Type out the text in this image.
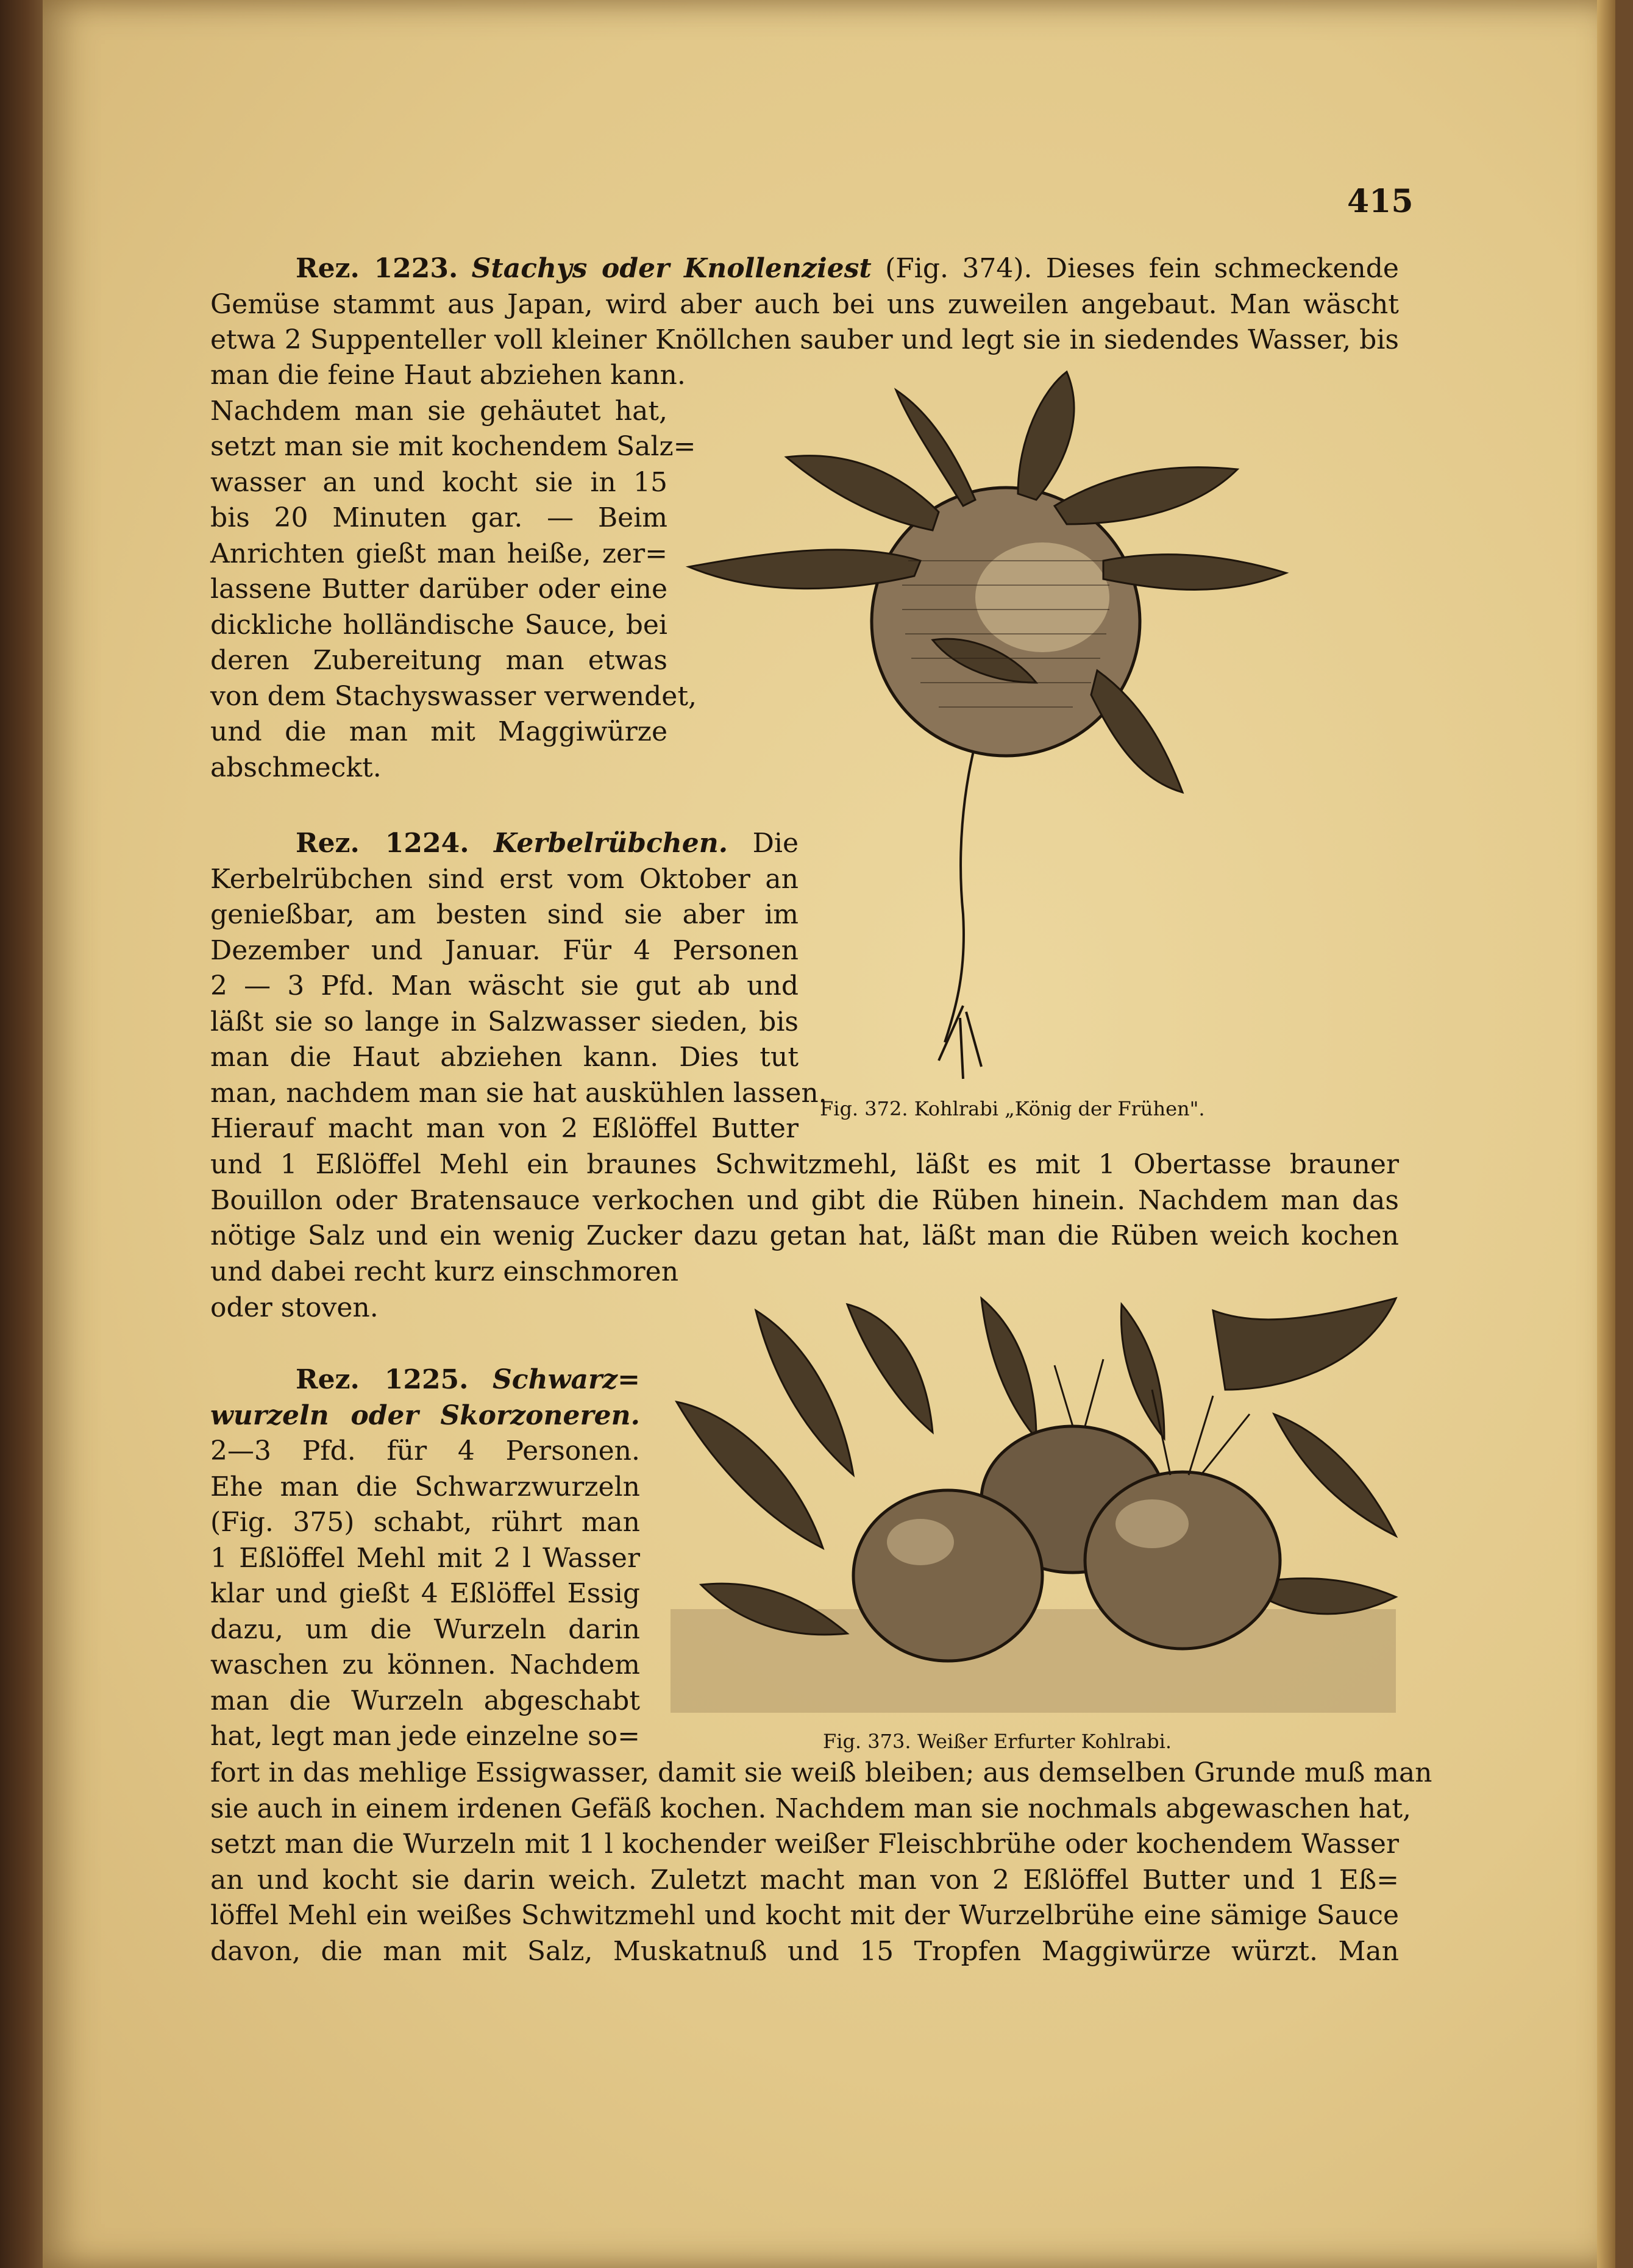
415
Rez. 1223. Stachys oder Knollenziest (Fig. 374). Dieses fein schmeckende
Gemüse stammt aus Japan, wird aber auch bei uns zuweilen angebaut. Man wäscht
etwa 2 Suppenteller voll kleiner Knöllchen sauber und legt sie in siedendes Wasser, bis
man die feine Haut abziehen kann.
Nachdem man sie gehäutet hat,
setzt man sie mit kochendem Salz=
wasser an und kocht sie in 15
bis 20 Minuten gar. — Beim
Anrichten gießt man heiße, zer=
lassene Butter darüber oder eine
dickliche holländische Sauce, bei
deren Zubereitung man etwas
von dem Stachyswasser verwendet,
und die man mit Maggiwürze
abschmeckt.
Rez. 1224. Kerbelrübchen. Die
Kerbelrübchen sind erst vom Oktober an
genießbar, am besten sind sie aber im
Dezember und Januar. Für 4 Personen
2 — 3 Pfd. Man wäscht sie gut ab und
läßt sie so lange in Salzwasser sieden, bis
man die Haut abziehen kann. Dies tut
man, nachdem man sie hat auskühlen lassen.
Hierauf macht man von 2 Eßlöffel Butter
und 1 Eßlöffel Mehl ein braunes Schwitzmehl, läßt es mit 1 Obertasse brauner
Bouillon oder Bratensauce verkochen und gibt die Rüben hinein. Nachdem man das
nötige Salz und ein wenig Zucker dazu getan hat, läßt man die Rüben weich kochen
und dabei recht kurz einschmoren
oder stoven.
Rez. 1225. Schwarz=
wurzeln oder Skorzoneren.
2—3 Pfd. für 4 Personen.
Ehe man die Schwarzwurzeln
(Fig. 375) schabt, rührt man
1 Eßlöffel Mehl mit 2 l Wasser
klar und gießt 4 Eßlöffel Essig
dazu, um die Wurzeln darin
waschen zu können. Nachdem
man die Wurzeln abgeschabt
hat, legt man jede einzelne so=
fort in das mehlige Essigwasser, damit sie weiß bleiben; aus demselben Grunde muß man
sie auch in einem irdenen Gefäß kochen. Nachdem man sie nochmals abgewaschen hat,
setzt man die Wurzeln mit 1 l kochender weißer Fleischbrühe oder kochendem Wasser
an und kocht sie darin weich. Zuletzt macht man von 2 Eßlöffel Butter und 1 Eß=
löffel Mehl ein weißes Schwitzmehl und kocht mit der Wurzelbrühe eine sämige Sauce
davon, die man mit Salz, Muskatnuß und 15 Tropfen Maggiwürze würzt. Man
Fig. 372. Kohlrabi „König der Frühen".
Fig. 373. Weißer Erfurter Kohlrabi.
